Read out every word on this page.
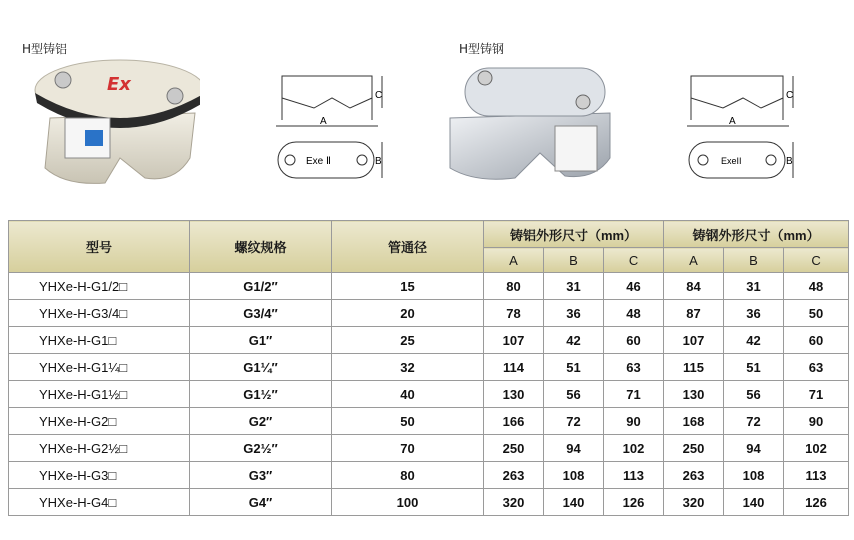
H型铸铝	H型铸钢
Ex
A
C
Exe Ⅱ	B
A
C
ExeII	B
型号	螺纹规格	管通径	铸铝外形尺寸（mm）			铸钢外形尺寸（mm）		
			A	B	C	A	B	C
YHXe-H-G1/2□	G1/2″	15	80	31	46	84	31	48
YHXe-H-G3/4□	G3/4″	20	78	36	48	87	36	50
YHXe-H-G1□	G1″	25	107	42	60	107	42	60
YHXe-H-G1¼□	G1¼″	32	114	51	63	115	51	63
YHXe-H-G1½□	G1½″	40	130	56	71	130	56	71
YHXe-H-G2□	G2″	50	166	72	90	168	72	90
YHXe-H-G2½□	G2½″	70	250	94	102	250	94	102
YHXe-H-G3□	G3″	80	263	108	113	263	108	113
YHXe-H-G4□	G4″	100	320	140	126	320	140	126
